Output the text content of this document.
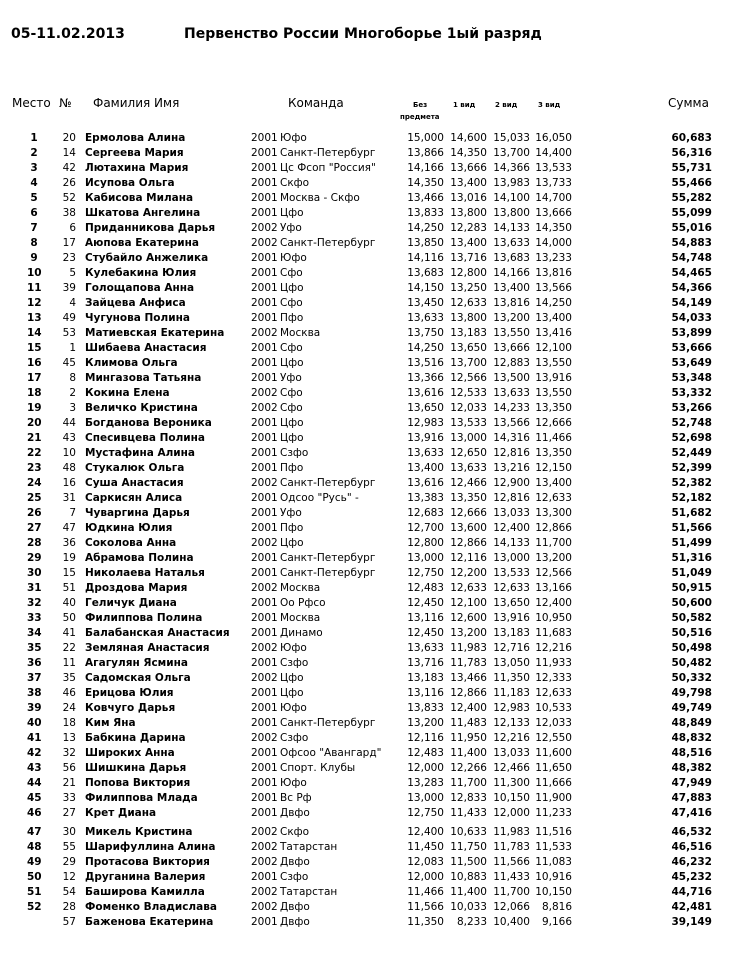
05-11.02.2013	Первенство России Многоборье 1ый разряд
Место № Фамилия Имя	Команда	Без
предмета
1 вид	2 вид	3 вид	Сумма
1	20 Ермолова Алина	2001 Юфо	15,000 14,600 15,033 16,050	60,683
2	14 Сергеева Мария	2001 Санкт-Петербург	13,866 14,350 13,700 14,400	56,316
3	42 Лютахина Мария	2001 Цс Фсоп "Россия"	14,166 13,666 14,366 13,533	55,731
4	26 Исупова Ольга	2001 Скфо	14,350 13,400 13,983 13,733	55,466
5	52 Кабисова Милана	2001 Москва - Скфо	13,466 13,016 14,100 14,700	55,282
6	38 Шкатова Ангелина	2001 Цфо	13,833 13,800 13,800 13,666	55,099
7	6 Приданникова Дарья	2002 Уфо	14,250 12,283 14,133 14,350	55,016
8	17 Аюпова Екатерина	2002 Санкт-Петербург	13,850 13,400 13,633 14,000	54,883
9	23 Стубайло Анжелика	2001 Юфо	14,116 13,716 13,683 13,233	54,748
10	5 Кулебакина Юлия	2001 Сфо	13,683 12,800 14,166 13,816	54,465
11	39 Голощапова Анна	2001 Цфо	14,150 13,250 13,400 13,566	54,366
12	4 Зайцева Анфиса	2001 Сфо	13,450 12,633 13,816 14,250	54,149
13	49 Чугунова Полина	2001 Пфо	13,633 13,800 13,200 13,400	54,033
14	53 Матиевская Екатерина	2002 Москва	13,750 13,183 13,550 13,416	53,899
15	1 Шибаева Анастасия	2001 Сфо	14,250 13,650 13,666 12,100	53,666
16	45 Климова Ольга	2001 Цфо	13,516 13,700 12,883 13,550	53,649
17	8 Мингазова Татьяна	2001 Уфо	13,366 12,566 13,500 13,916	53,348
18	2 Кокина Елена	2002 Сфо	13,616 12,533 13,633 13,550	53,332
19	3 Величко Кристина	2002 Сфо	13,650 12,033 14,233 13,350	53,266
20	44 Богданова Вероника	2001 Цфо	12,983 13,533 13,566 12,666	52,748
21	43 Спесивцева Полина	2001 Цфо	13,916 13,000 14,316 11,466	52,698
22	10 Мустафина Алина	2001 Сзфо	13,633 12,650 12,816 13,350	52,449
23	48 Стукалюк Ольга	2001 Пфо	13,400 13,633 13,216 12,150	52,399
24	16 Суша Анастасия	2002 Санкт-Петербург	13,616 12,466 12,900 13,400	52,382
25	31 Саркисян Алиса	2001 Одсоо "Русь" -	13,383 13,350 12,816 12,633	52,182
26	7 Чуваргина Дарья	2001 Уфо	12,683 12,666 13,033 13,300	51,682
27	47 Юдкина Юлия	2001 Пфо	12,700 13,600 12,400 12,866	51,566
28	36 Соколова Анна	2002 Цфо	12,800 12,866 14,133 11,700	51,499
29	19 Абрамова Полина	2001 Санкт-Петербург	13,000 12,116 13,000 13,200	51,316
30	15 Николаева Наталья	2001 Санкт-Петербург	12,750 12,200 13,533 12,566	51,049
31	51 Дроздова Мария	2002 Москва	12,483 12,633 12,633 13,166	50,915
32	40 Геличук Диана	2001 Оо Рфсо	12,450 12,100 13,650 12,400	50,600
33	50 Филиппова Полина	2001 Москва	13,116 12,600 13,916 10,950	50,582
34	41 Балабанская Анастасия 2001 Динамо	12,450 13,200 13,183 11,683	50,516
35	22 Земляная Анастасия	2002 Юфо	13,633 11,983 12,716 12,216	50,498
36	11 Агагулян Ясмина	2001 Сзфо	13,716 11,783 13,050 11,933	50,482
37	35 Садомская Ольга	2002 Цфо	13,183 13,466 11,350 12,333	50,332
38	46 Ерицова Юлия	2001 Цфо	13,116 12,866 11,183 12,633	49,798
39	24 Ковчуго Дарья	2001 Юфо	13,833 12,400 12,983 10,533	49,749
40	18 Ким Яна	2001 Санкт-Петербург	13,200 11,483 12,133 12,033	48,849
41	13 Бабкина Дарина	2002 Сзфо	12,116 11,950 12,216 12,550	48,832
42	32 Широких Анна	2001 Офсоо "Авангард"	12,483 11,400 13,033 11,600	48,516
43	56 Шишкина Дарья	2001 Спорт. Клубы	12,000 12,266 12,466 11,650	48,382
44	21 Попова Виктория	2001 Юфо	13,283 11,700 11,300 11,666	47,949
45	33 Филиппова Млада	2001 Вс Рф	13,000 12,833 10,150 11,900	47,883
46	27 Крет Диана	2001 Двфо	12,750 11,433 12,000 11,233	47,416
47	30 Микель Кристина	2002 Скфо	12,400 10,633 11,983 11,516	46,532
48	55 Шарифуллина Алина	2002 Татарстан	11,450 11,750 11,783 11,533	46,516
49	29 Протасова Виктория	2002 Двфо	12,083 11,500 11,566 11,083	46,232
50	12 Друганина Валерия	2001 Сзфо	12,000 10,883 11,433 10,916	45,232
51	54 Баширова Камилла	2002 Татарстан	11,466 11,400 11,700 10,150	44,716
52	28 Фоменко Владислава	2002 Двфо	11,566 10,033 12,066	8,816	42,481
57 Баженова Екатерина	2001 Двфо	11,350	8,233 10,400	9,166	39,149
